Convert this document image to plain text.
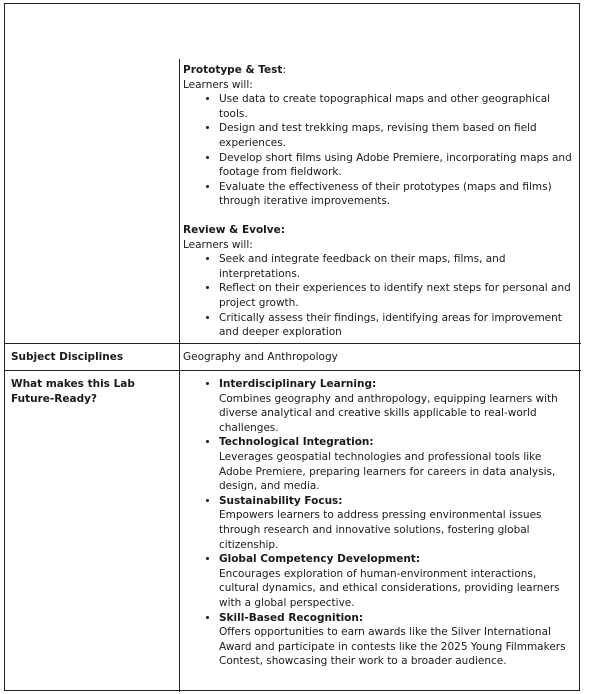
Prototype & Test:
Learners will:
• Use data to create topographical maps and other geographical tools.
• Design and test trekking maps, revising them based on field experiences.
• Develop short films using Adobe Premiere, incorporating maps and footage from fieldwork.
• Evaluate the effectiveness of their prototypes (maps and films) through iterative improvements.
Review & Evolve:
Learners will:
• Seek and integrate feedback on their maps, films, and interpretations.
• Reflect on their experiences to identify next steps for personal and project growth.
• Critically assess their findings, identifying areas for improvement and deeper exploration
Subject Disciplines	Geography and Anthropology
What makes this Lab Future-Ready?
• Interdisciplinary Learning:
Combines geography and anthropology, equipping learners with diverse analytical and creative skills applicable to real-world challenges.
• Technological Integration:
Leverages geospatial technologies and professional tools like Adobe Premiere, preparing learners for careers in data analysis, design, and media.
• Sustainability Focus:
Empowers learners to address pressing environmental issues through research and innovative solutions, fostering global citizenship.
• Global Competency Development:
Encourages exploration of human-environment interactions, cultural dynamics, and ethical considerations, providing learners with a global perspective.
• Skill-Based Recognition:
Offers opportunities to earn awards like the Silver International Award and participate in contests like the 2025 Young Filmmakers Contest, showcasing their work to a broader audience.
